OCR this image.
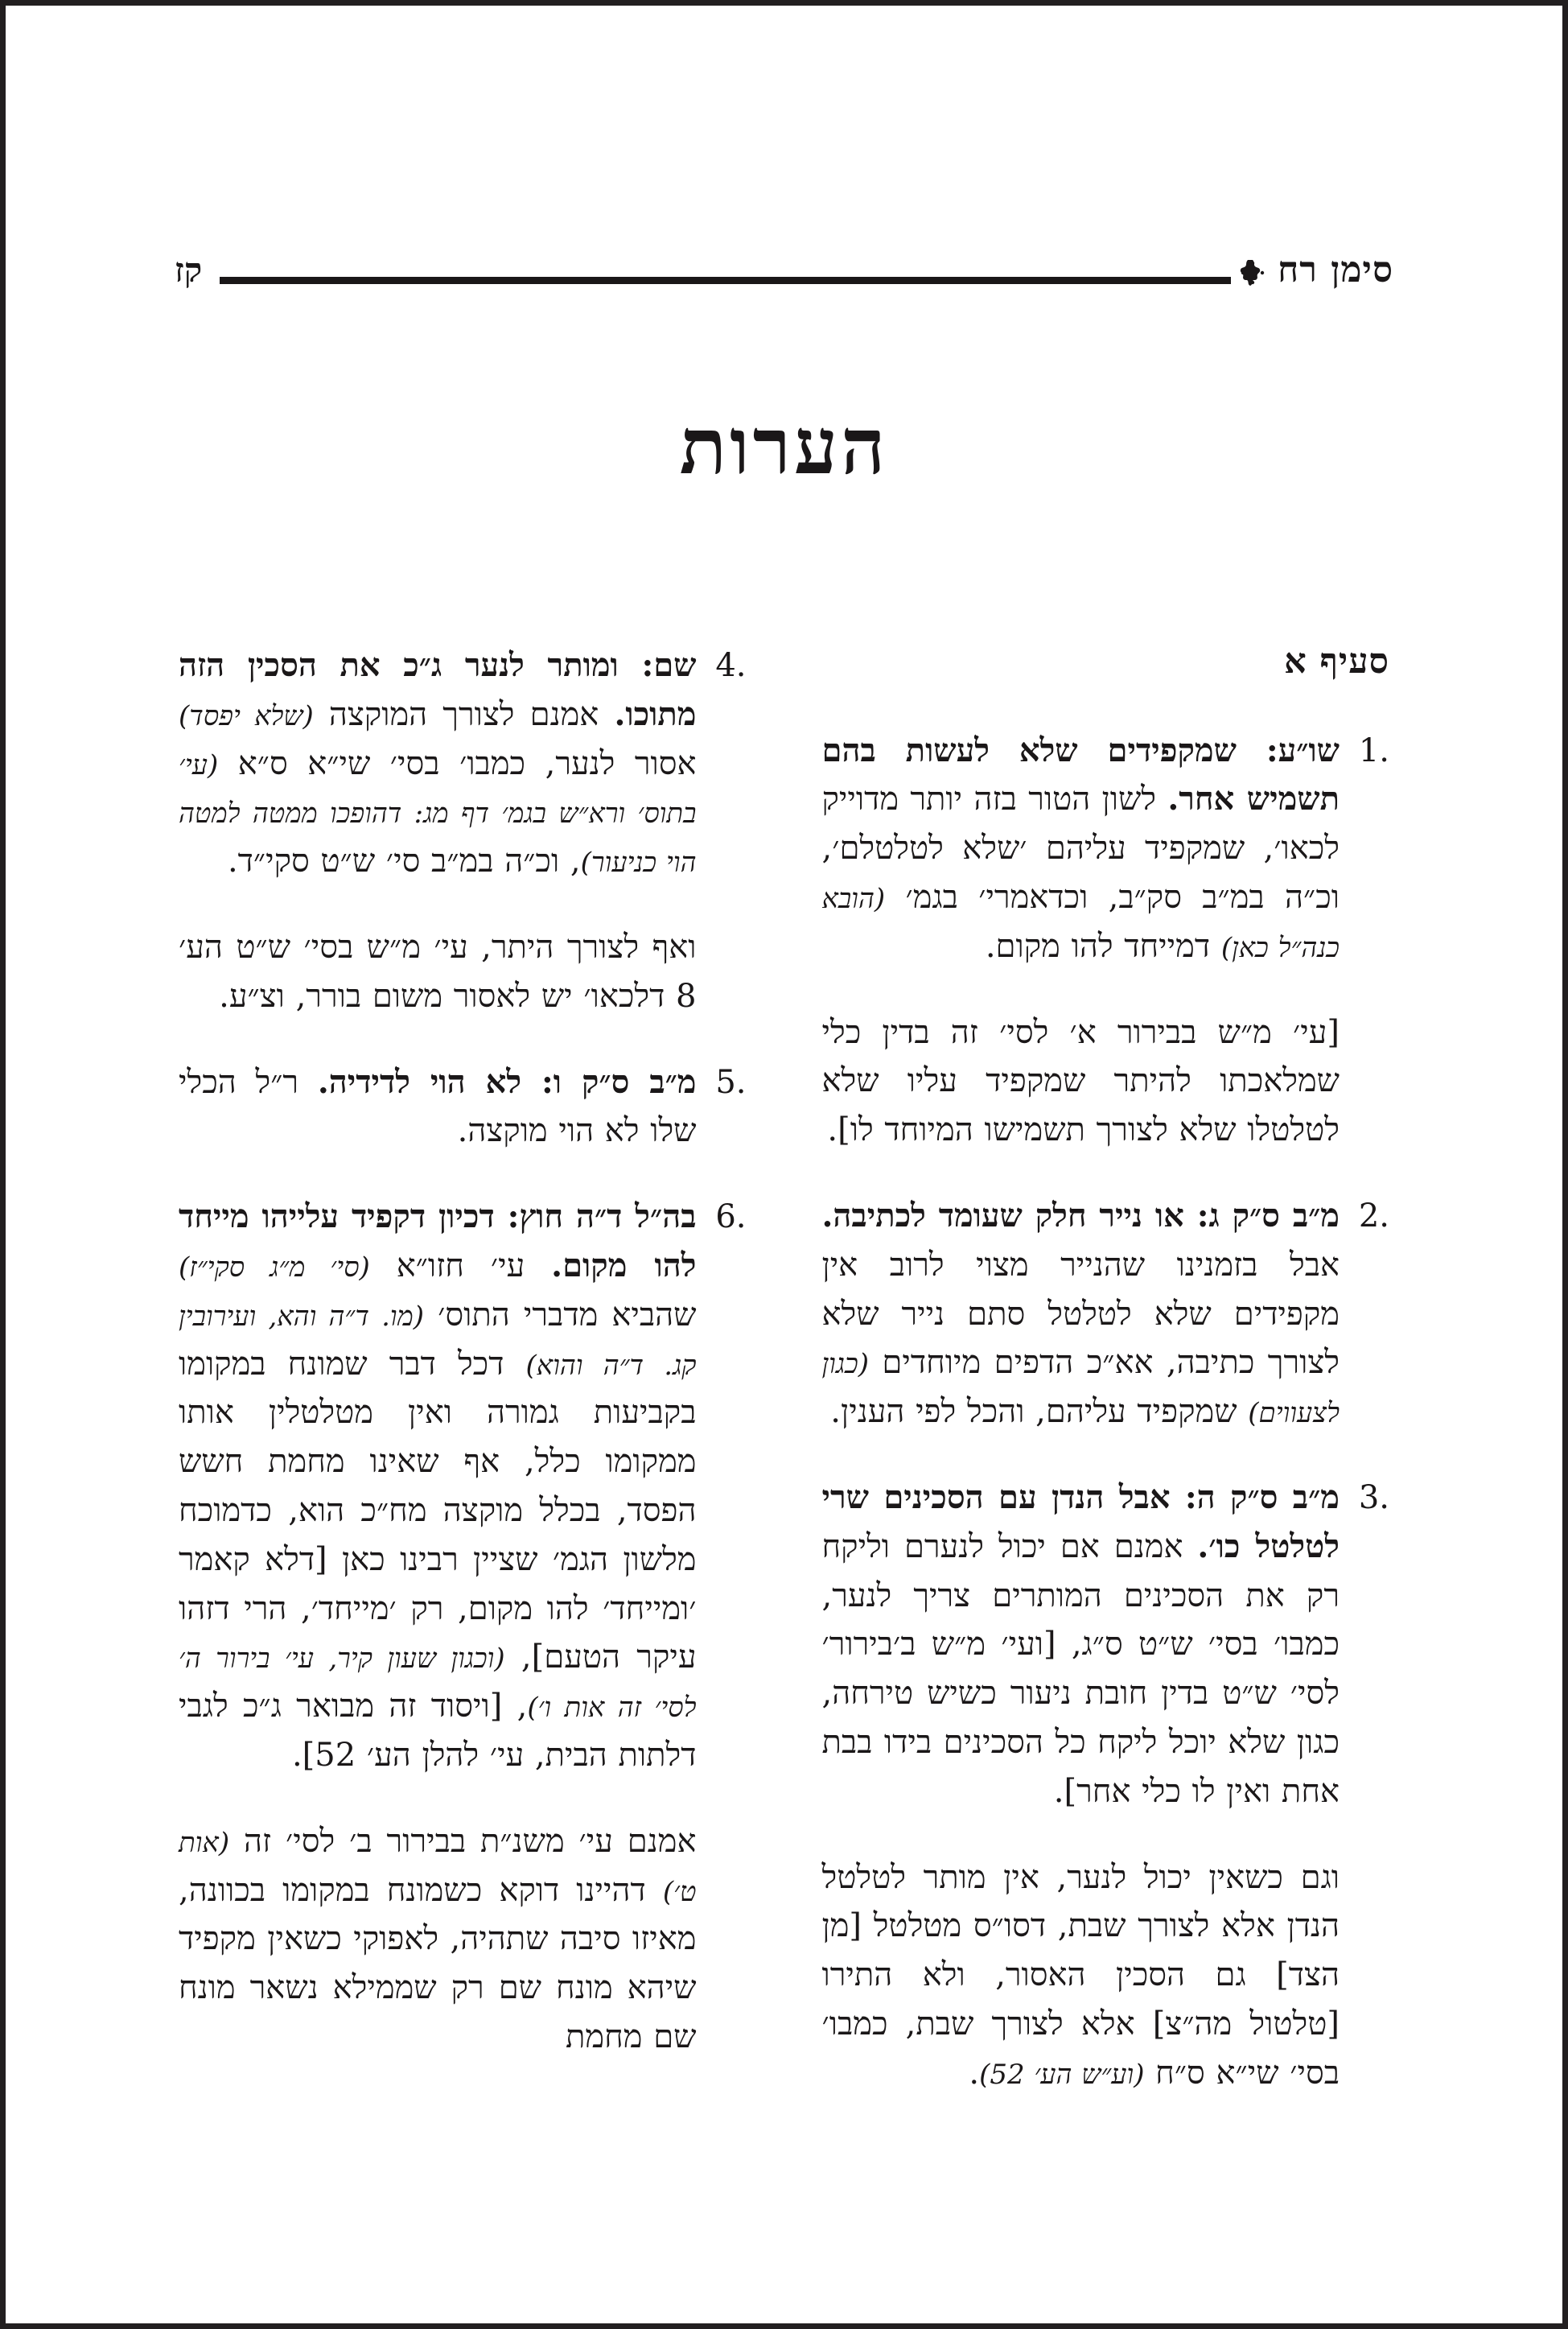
סימן רח
קז
הערות
סעיף א
1.

שו״ע: שמקפידים שלא לעשות בהם תשמיש אחר. לשון הטור בזה יותר מדוייק לכאו׳, שמקפיד עליהם ׳שלא לטלטלם׳, וכ״ה במ״ב סק״ב, וכדאמרי׳ בגמ׳ (הובא כנה״ל כאן) דמייחד להו מקום.

[עי׳ מ״ש בבירור א׳ לסי׳ זה בדין כלי שמלאכתו להיתר שמקפיד עליו שלא לטלטלו שלא לצורך תשמישו המיוחד לו].

2.

מ״ב ס״ק ג: או נייר חלק שעומד לכתיבה. אבל בזמנינו שהנייר מצוי לרוב אין מקפידים שלא לטלטל סתם נייר שלא לצורך כתיבה, אא״כ הדפים מיוחדים (כגון לצעווים) שמקפיד עליהם, והכל לפי הענין.

3.

מ״ב ס״ק ה: אבל הנדן עם הסכינים שרי לטלטל כו׳. אמנם אם יכול לנערם וליקח רק את הסכינים המותרים צריך לנער, כמבו׳ בסי׳ ש״ט ס״ג, [ועי׳ מ״ש ב׳בירור׳ לסי׳ ש״ט בדין חובת ניעור כשיש טירחה, כגון שלא יוכל ליקח כל הסכינים בידו בבת אחת ואין לו כלי אחר].

וגם כשאין יכול לנער, אין מותר לטלטל הנדן אלא לצורך שבת, דסו״ס מטלטל [מן הצד] גם הסכין האסור, ולא התירו [טלטול מה״צ] אלא לצורך שבת, כמבו׳ בסי׳ שי״א ס״ח (וע״ש הע׳ 52).

4.

שם: ומותר לנער ג״כ את הסכין הזה מתוכו. אמנם לצורך המוקצה (שלא יפסד) אסור לנער, כמבו׳ בסי׳ שי״א ס״א (עי׳ בתוס׳ ורא״ש בגמ׳ דף מג: דהופכו ממטה למטה הוי כניעור), וכ״ה במ״ב סי׳ ש״ט סקי״ד.

ואף לצורך היתר, עי׳ מ״ש בסי׳ ש״ט הע׳ 8 דלכאו׳ יש לאסור משום בורר, וצ״ע.

5.

מ״ב ס״ק ו: לא הוי לדידיה. ר״ל הכלי שלו לא הוי מוקצה.

6.

בה״ל ד״ה חוץ: דכיון דקפיד עלייהו מייחד להו מקום. עי׳ חזו״א (סי׳ מ״ג סקי״ז) שהביא מדברי התוס׳ (מו. ד״ה והא, ועירובין קג. ד״ה והוא) דכל דבר שמונח במקומו בקביעות גמורה ואין מטלטלין אותו ממקומו כלל, אף שאינו מחמת חשש הפסד, בכלל מוקצה מח״כ הוא, כדמוכח מלשון הגמ׳ שציין רבינו כאן [דלא קאמר ׳ומייחד׳ להו מקום, רק ׳מייחד׳, הרי דזהו עיקר הטעם], (וכגון שעון קיר, עי׳ בירור ה׳ לסי׳ זה אות ו׳), [ויסוד זה מבואר ג״כ לגבי דלתות הבית, עי׳ להלן הע׳ 52].

אמנם עי׳ משנ״ת בבירור ב׳ לסי׳ זה (אות ט׳) דהיינו דוקא כשמונח במקומו בכוונה, מאיזו סיבה שתהיה, לאפוקי כשאין מקפיד שיהא מונח שם רק שממילא נשאר מונח שם מחמת
